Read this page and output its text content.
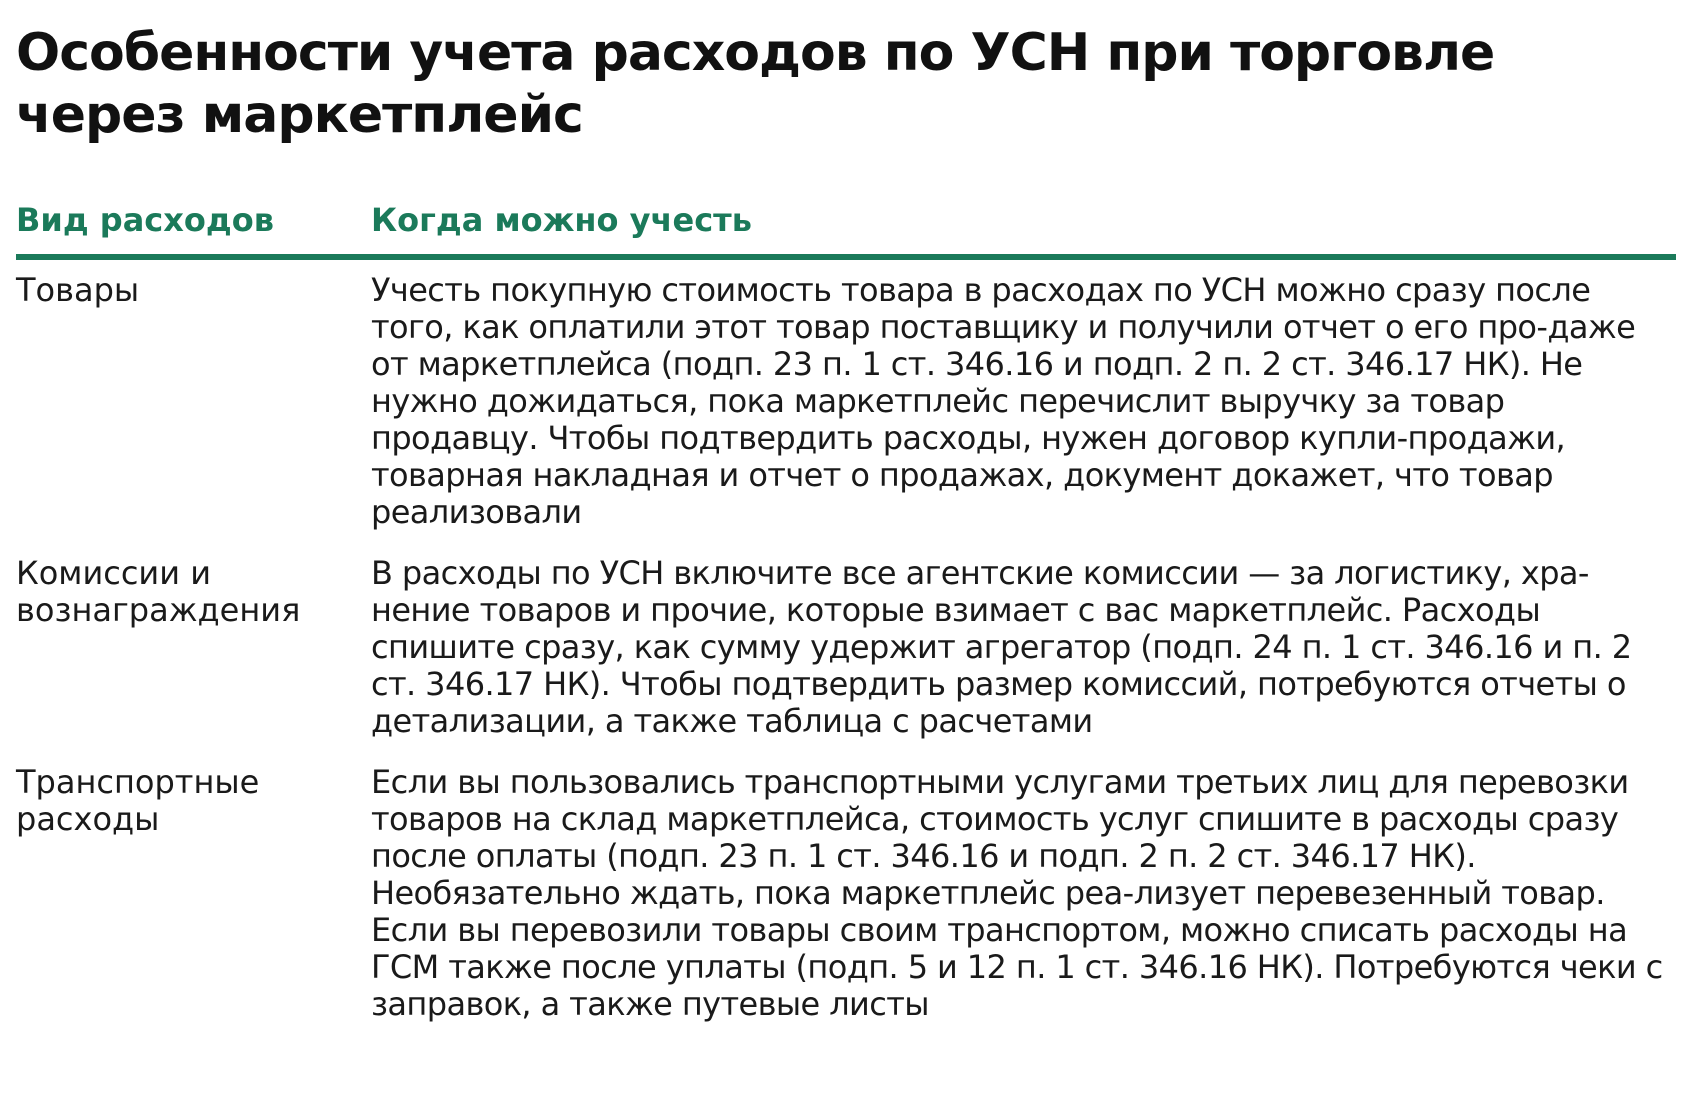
Особенности учета расходов по УСН при торговле через маркетплейс
Вид расходов	Когда можно учесть
Товары	Учесть покупную стоимость товара в расходах по УСН можно сразу после того, как оплатили этот товар поставщику и получили отчет о его про-даже от маркетплейса (подп. 23 п. 1 ст. 346.16 и подп. 2 п. 2 ст. 346.17 НК). Не нужно дожидаться, пока маркетплейс перечислит выручку за товар продавцу. Чтобы подтвердить расходы, нужен договор купли-продажи, товарная накладная и отчет о продажах, документ докажет, что товар реализовали
Комиссии и вознаграждения
В расходы по УСН включите все агентские комиссии — за логистику, хра-нение товаров и прочие, которые взимает с вас маркетплейс. Расходы спишите сразу, как сумму удержит агрегатор (подп. 24 п. 1 ст. 346.16 и п. 2 ст. 346.17 НК). Чтобы подтвердить размер комиссий, потребуются отчеты о детализации, а также таблица с расчетами
Транспортные расходы
Если вы пользовались транспортными услугами третьих лиц для перевозки товаров на склад маркетплейса, стоимость услуг спишите в расходы сразу после оплаты (подп. 23 п. 1 ст. 346.16 и подп. 2 п. 2 ст. 346.17 НК). Необязательно ждать, пока маркетплейс реа-лизует перевезенный товар.
Если вы перевозили товары своим транспортом, можно списать расходы на ГСМ также после уплаты (подп. 5 и 12 п. 1 ст. 346.16 НК). Потребуются чеки с заправок, а также путевые листы
